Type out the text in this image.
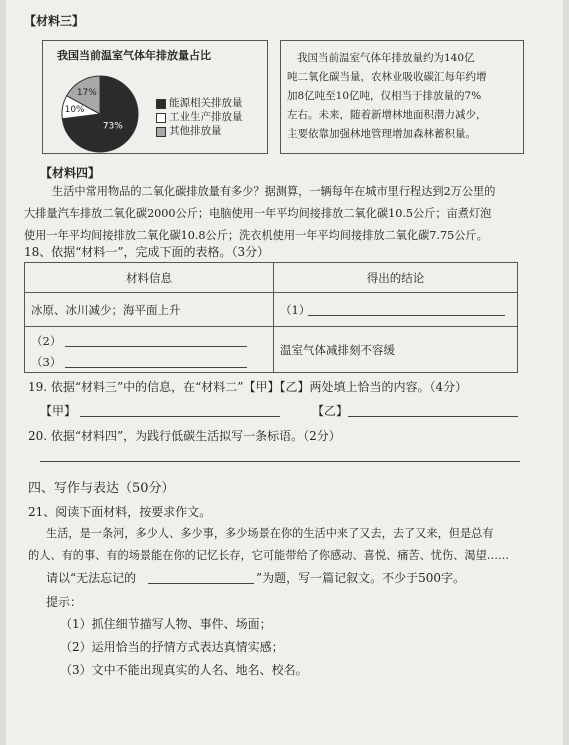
【材料三】
我国当前温室气体年排放量占比
73%
10%
17%
能源相关排放量
工业生产排放量
其他排放量
我国当前温室气体年排放量约为140亿
吨二氧化碳当量，农林业吸收碳汇每年约增
加8亿吨至10亿吨，仅相当于排放量的7%
左右。未来，随着新增林地面积潜力减少，
主要依靠加强林地管理增加森林蓄积量。
【材料四】
生活中常用物品的二氧化碳排放量有多少？据测算，一辆每年在城市里行程达到2万公里的
大排量汽车排放二氧化碳2000公斤；电脑使用一年平均间接排放二氧化碳10.5公斤；亩煮灯泡
使用一年平均间接排放二氧化碳10.8公斤；洗衣机使用一年平均间接排放二氧化碳7.75公斤。
18、依据“材料一”，完成下面的表格。（3分）
材料信息	得出的结论
冰原、冰川减少；海平面上升	（1）

（2）
（3）	温室气体减排刻不容缓
19. 依据“材料三”中的信息，在“材料二”【甲】【乙】两处填上恰当的内容。（4分）
【甲】	【乙】
20. 依据“材料四”，为践行低碳生活拟写一条标语。（2分）
四、写作与表达（50分）
21、阅读下面材料，按要求作文。
生活，是一条河，多少人、多少事，多少场景在你的生活中来了又去，去了又来，但是总有
的人、有的事、有的场景能在你的记忆长存，它可能带给了你感动、喜悦、痛苦、忧伤、渴望……
请以“无法忘记的	”为题，写一篇记叙文。不少于500字。
提示：
（1）抓住细节描写人物、事件、场面；
（2）运用恰当的抒情方式表达真情实感；
（3）文中不能出现真实的人名、地名、校名。
